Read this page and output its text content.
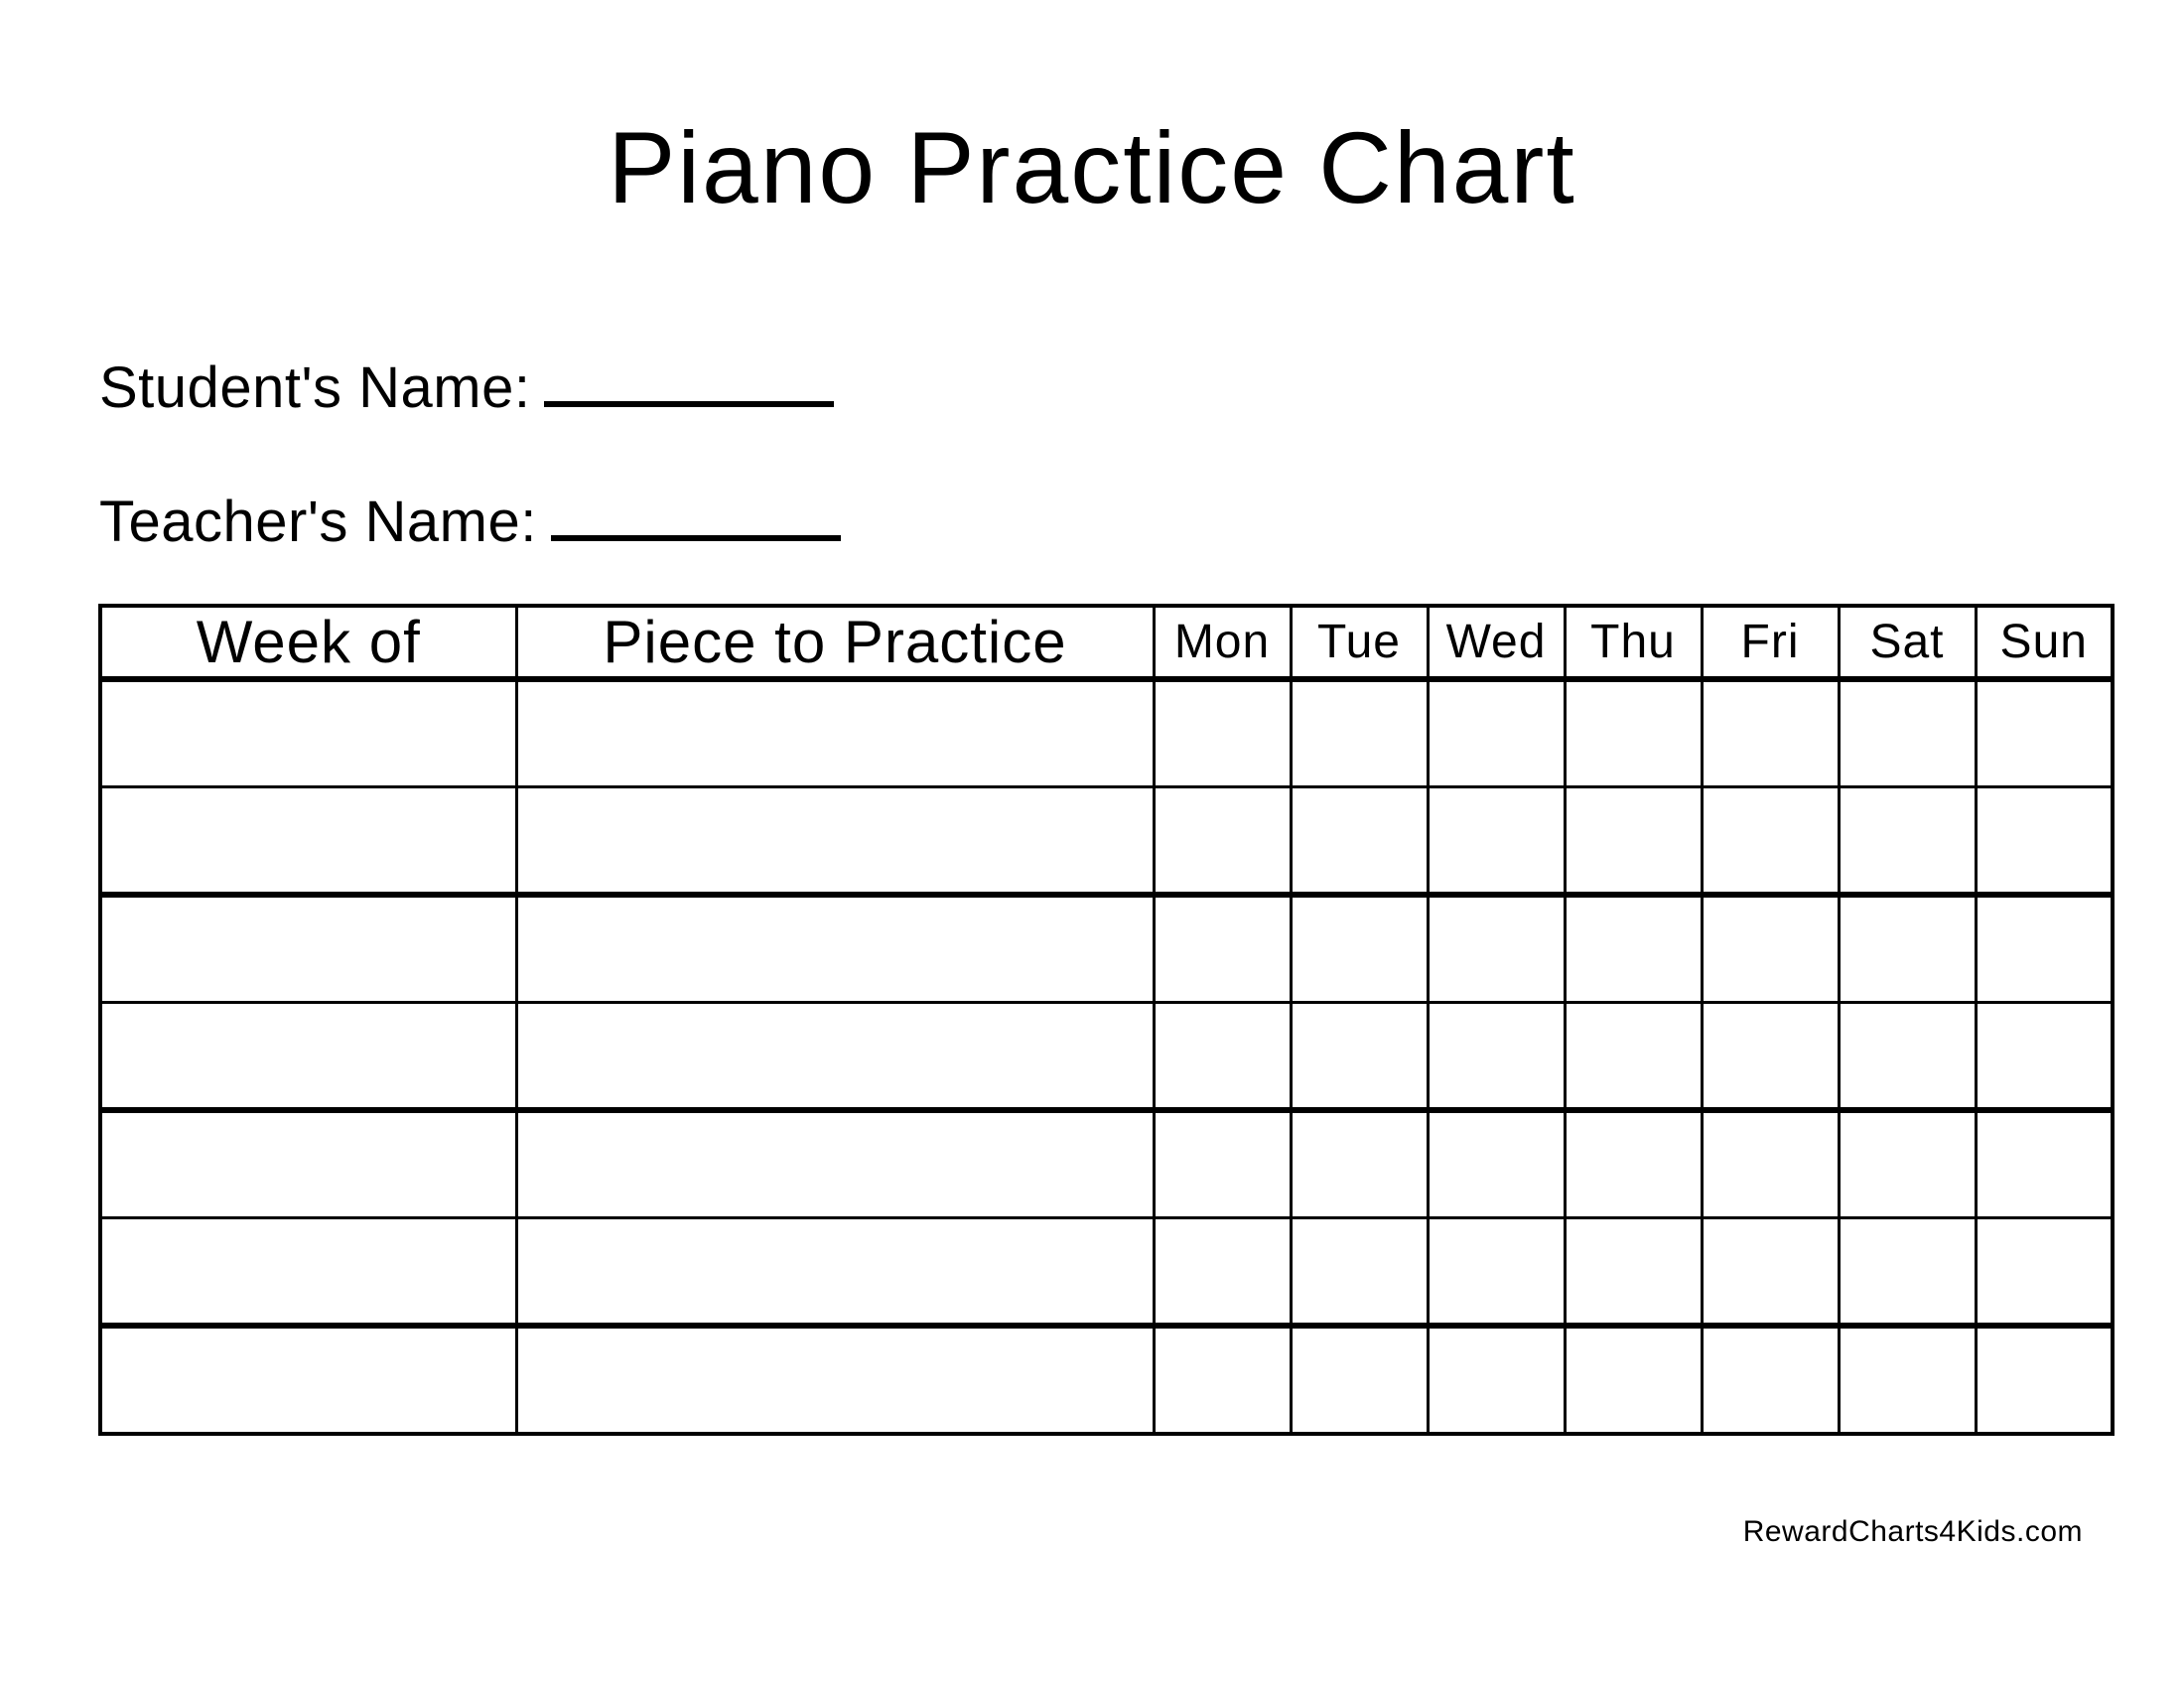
Piano Practice Chart
Student's Name:
Teacher's Name:
Week of	Piece to Practice	Mon	Tue	Wed	Thu	Fri	Sat	Sun

RewardCharts4Kids.com
